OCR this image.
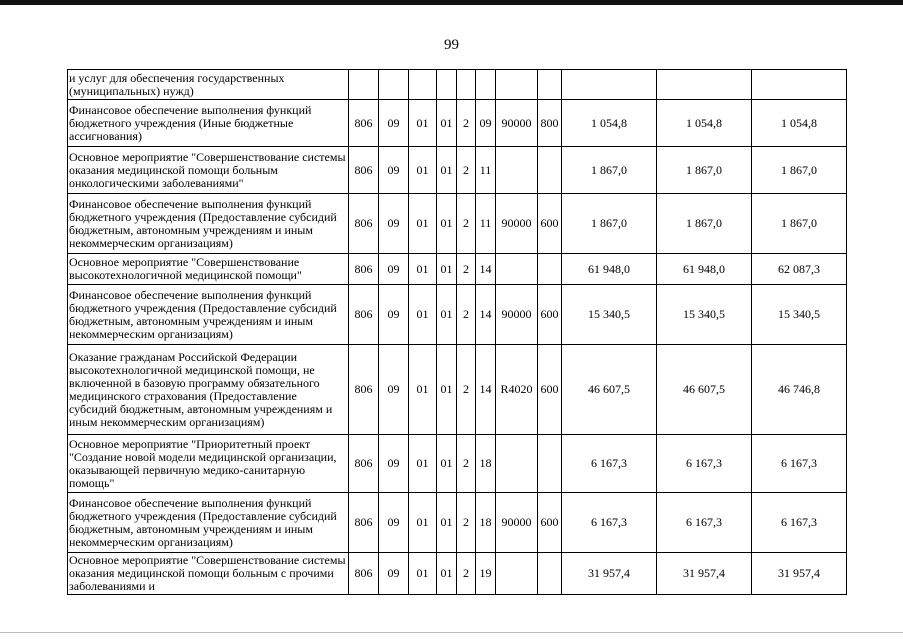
99
и услуг для обеспечения государственных (муниципальных) нужд)											
Финансовое обеспечение выполнения функций бюджетного учреждения (Иные бюджетные ассигнования)	806	09	01	01	2	09	90000	800	1 054,8	1 054,8	1 054,8
Основное мероприятие "Совершенствование системы оказания медицинской помощи больным онкологическими заболеваниями"	806	09	01	01	2	11			1 867,0	1 867,0	1 867,0
Финансовое обеспечение выполнения функций бюджетного учреждения (Предоставление субсидий бюджетным, автономным учреждениям и иным некоммерческим организациям)	806	09	01	01	2	11	90000	600	1 867,0	1 867,0	1 867,0
Основное мероприятие "Совершенствование высокотехнологичной медицинской помощи"	806	09	01	01	2	14			61 948,0	61 948,0	62 087,3
Финансовое обеспечение выполнения функций бюджетного учреждения (Предоставление субсидий бюджетным, автономным учреждениям и иным некоммерческим организациям)	806	09	01	01	2	14	90000	600	15 340,5	15 340,5	15 340,5
Оказание гражданам Российской Федерации высокотехнологичной медицинской помощи, не включенной в базовую программу обязательного медицинского страхования (Предоставление субсидий бюджетным, автономным учреждениям и иным некоммерческим организациям)	806	09	01	01	2	14	R4020	600	46 607,5	46 607,5	46 746,8
Основное мероприятие "Приоритетный проект "Создание новой модели медицинской организации, оказывающей первичную медико-санитарную помощь"	806	09	01	01	2	18			6 167,3	6 167,3	6 167,3
Финансовое обеспечение выполнения функций бюджетного учреждения (Предоставление субсидий бюджетным, автономным учреждениям и иным некоммерческим организациям)	806	09	01	01	2	18	90000	600	6 167,3	6 167,3	6 167,3
Основное мероприятие "Совершенствование системы оказания медицинской помощи больным с прочими заболеваниями и	806	09	01	01	2	19			31 957,4	31 957,4	31 957,4
